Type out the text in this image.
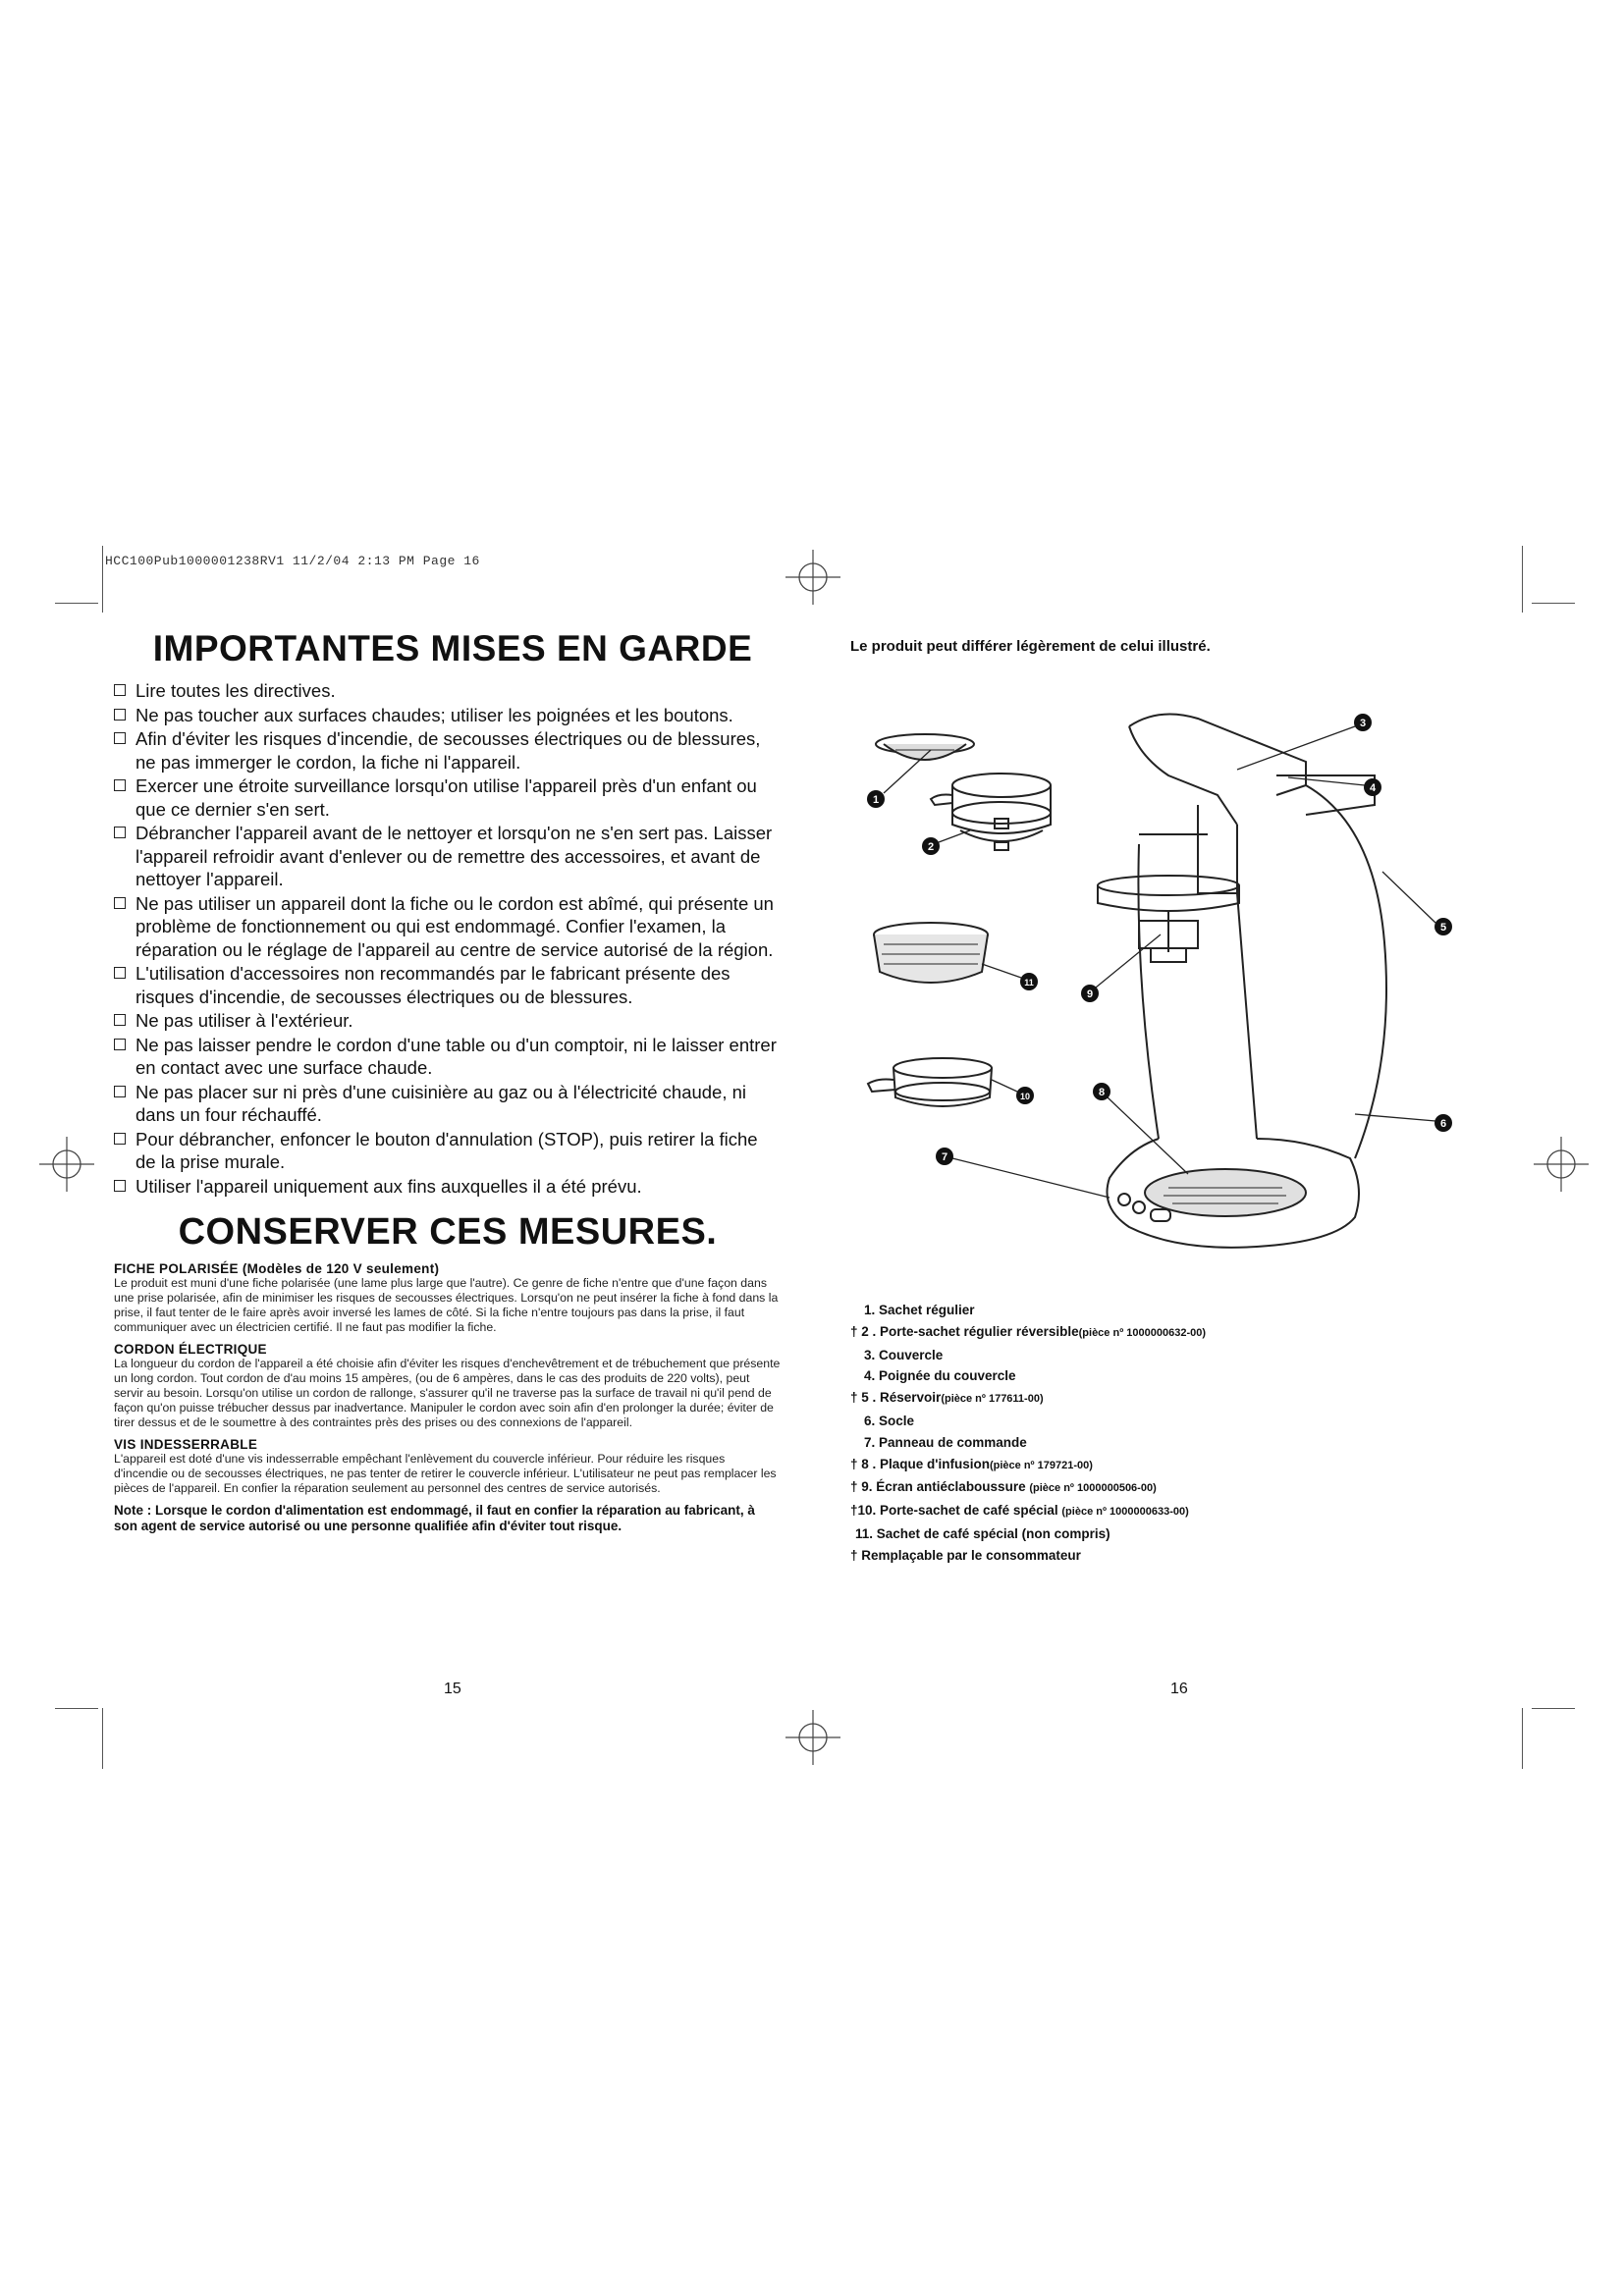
HCC100Pub1000001238RV1 11/2/04 2:13 PM Page 16
IMPORTANTES MISES EN GARDE
Lire toutes les directives.
Ne pas toucher aux surfaces chaudes; utiliser les poignées et les boutons.
Afin d'éviter les risques d'incendie, de secousses électriques ou de blessures, ne pas immerger le cordon, la fiche ni l'appareil.
Exercer une étroite surveillance lorsqu'on utilise l'appareil près d'un enfant ou que ce dernier s'en sert.
Débrancher l'appareil avant de le nettoyer et lorsqu'on ne s'en sert pas. Laisser l'appareil refroidir avant d'enlever ou de remettre des accessoires, et avant de nettoyer l'appareil.
Ne pas utiliser un appareil dont la fiche ou le cordon est abîmé, qui présente un problème de fonctionnement ou qui est endommagé. Confier l'examen, la réparation ou le réglage de l'appareil au centre de service autorisé de la région.
L'utilisation d'accessoires non recommandés par le fabricant présente des risques d'incendie, de secousses électriques ou de blessures.
Ne pas utiliser à l'extérieur.
Ne pas laisser pendre le cordon d'une table ou d'un comptoir, ni le laisser entrer en contact avec une surface chaude.
Ne pas placer sur ni près d'une cuisinière au gaz ou à l'électricité chaude, ni dans un four réchauffé.
Pour débrancher, enfoncer le bouton d'annulation (STOP), puis retirer la fiche de la prise murale.
Utiliser l'appareil uniquement aux fins auxquelles il a été prévu.
CONSERVER CES MESURES.

FICHE POLARISÉE (Modèles de 120 V seulement)

Le produit est muni d'une fiche polarisée (une lame plus large que l'autre). Ce genre de fiche n'entre que d'une façon dans une prise polarisée, afin de minimiser les risques de secousses électriques. Lorsqu'on ne peut insérer la fiche à fond dans la prise, il faut tenter de le faire après avoir inversé les lames de côté. Si la fiche n'entre toujours pas dans la prise, il faut communiquer avec un électricien certifié. Il ne faut pas modifier la fiche.

CORDON ÉLECTRIQUE

La longueur du cordon de l'appareil a été choisie afin d'éviter les risques d'enchevêtrement et de trébuchement que présente un long cordon. Tout cordon de d'au moins 15 ampères, (ou de 6 ampères, dans le cas des produits de 220 volts), peut servir au besoin. Lorsqu'on utilise un cordon de rallonge, s'assurer qu'il ne traverse pas la surface de travail ni qu'il pend de façon qu'on puisse trébucher dessus par inadvertance. Manipuler le cordon avec soin afin d'en prolonger la durée; éviter de tirer dessus et de le soumettre à des contraintes près des prises ou des connexions de l'appareil.

VIS INDESSERRABLE

L'appareil est doté d'une vis indesserrable empêchant l'enlèvement du couvercle inférieur. Pour réduire les risques d'incendie ou de secousses électriques, ne pas tenter de retirer le couvercle inférieur. L'utilisateur ne peut pas remplacer les pièces de l'appareil. En confier la réparation seulement au personnel des centres de service autorisés.

Note : Lorsque le cordon d'alimentation est endommagé, il faut en confier la réparation au fabricant, à son agent de service autorisé ou une personne qualifiée afin d'éviter tout risque.
15
Le produit peut différer légèrement de celui illustré.
1
2
3
4
5
6
7
8
9
10
11
1. Sachet régulier
† 2 . Porte-sachet régulier réversible(pièce nº 1000000632-00)
3. Couvercle
4. Poignée du couvercle
† 5 . Réservoir(pièce nº 177611-00)
6. Socle
7. Panneau de commande
† 8 . Plaque d'infusion(pièce nº 179721-00)
† 9. Écran antiéclaboussure (pièce nº 1000000506-00)
†10. Porte-sachet de café spécial (pièce nº 1000000633-00)
11. Sachet de café spécial (non compris)
† Remplaçable par le consommateur
16
